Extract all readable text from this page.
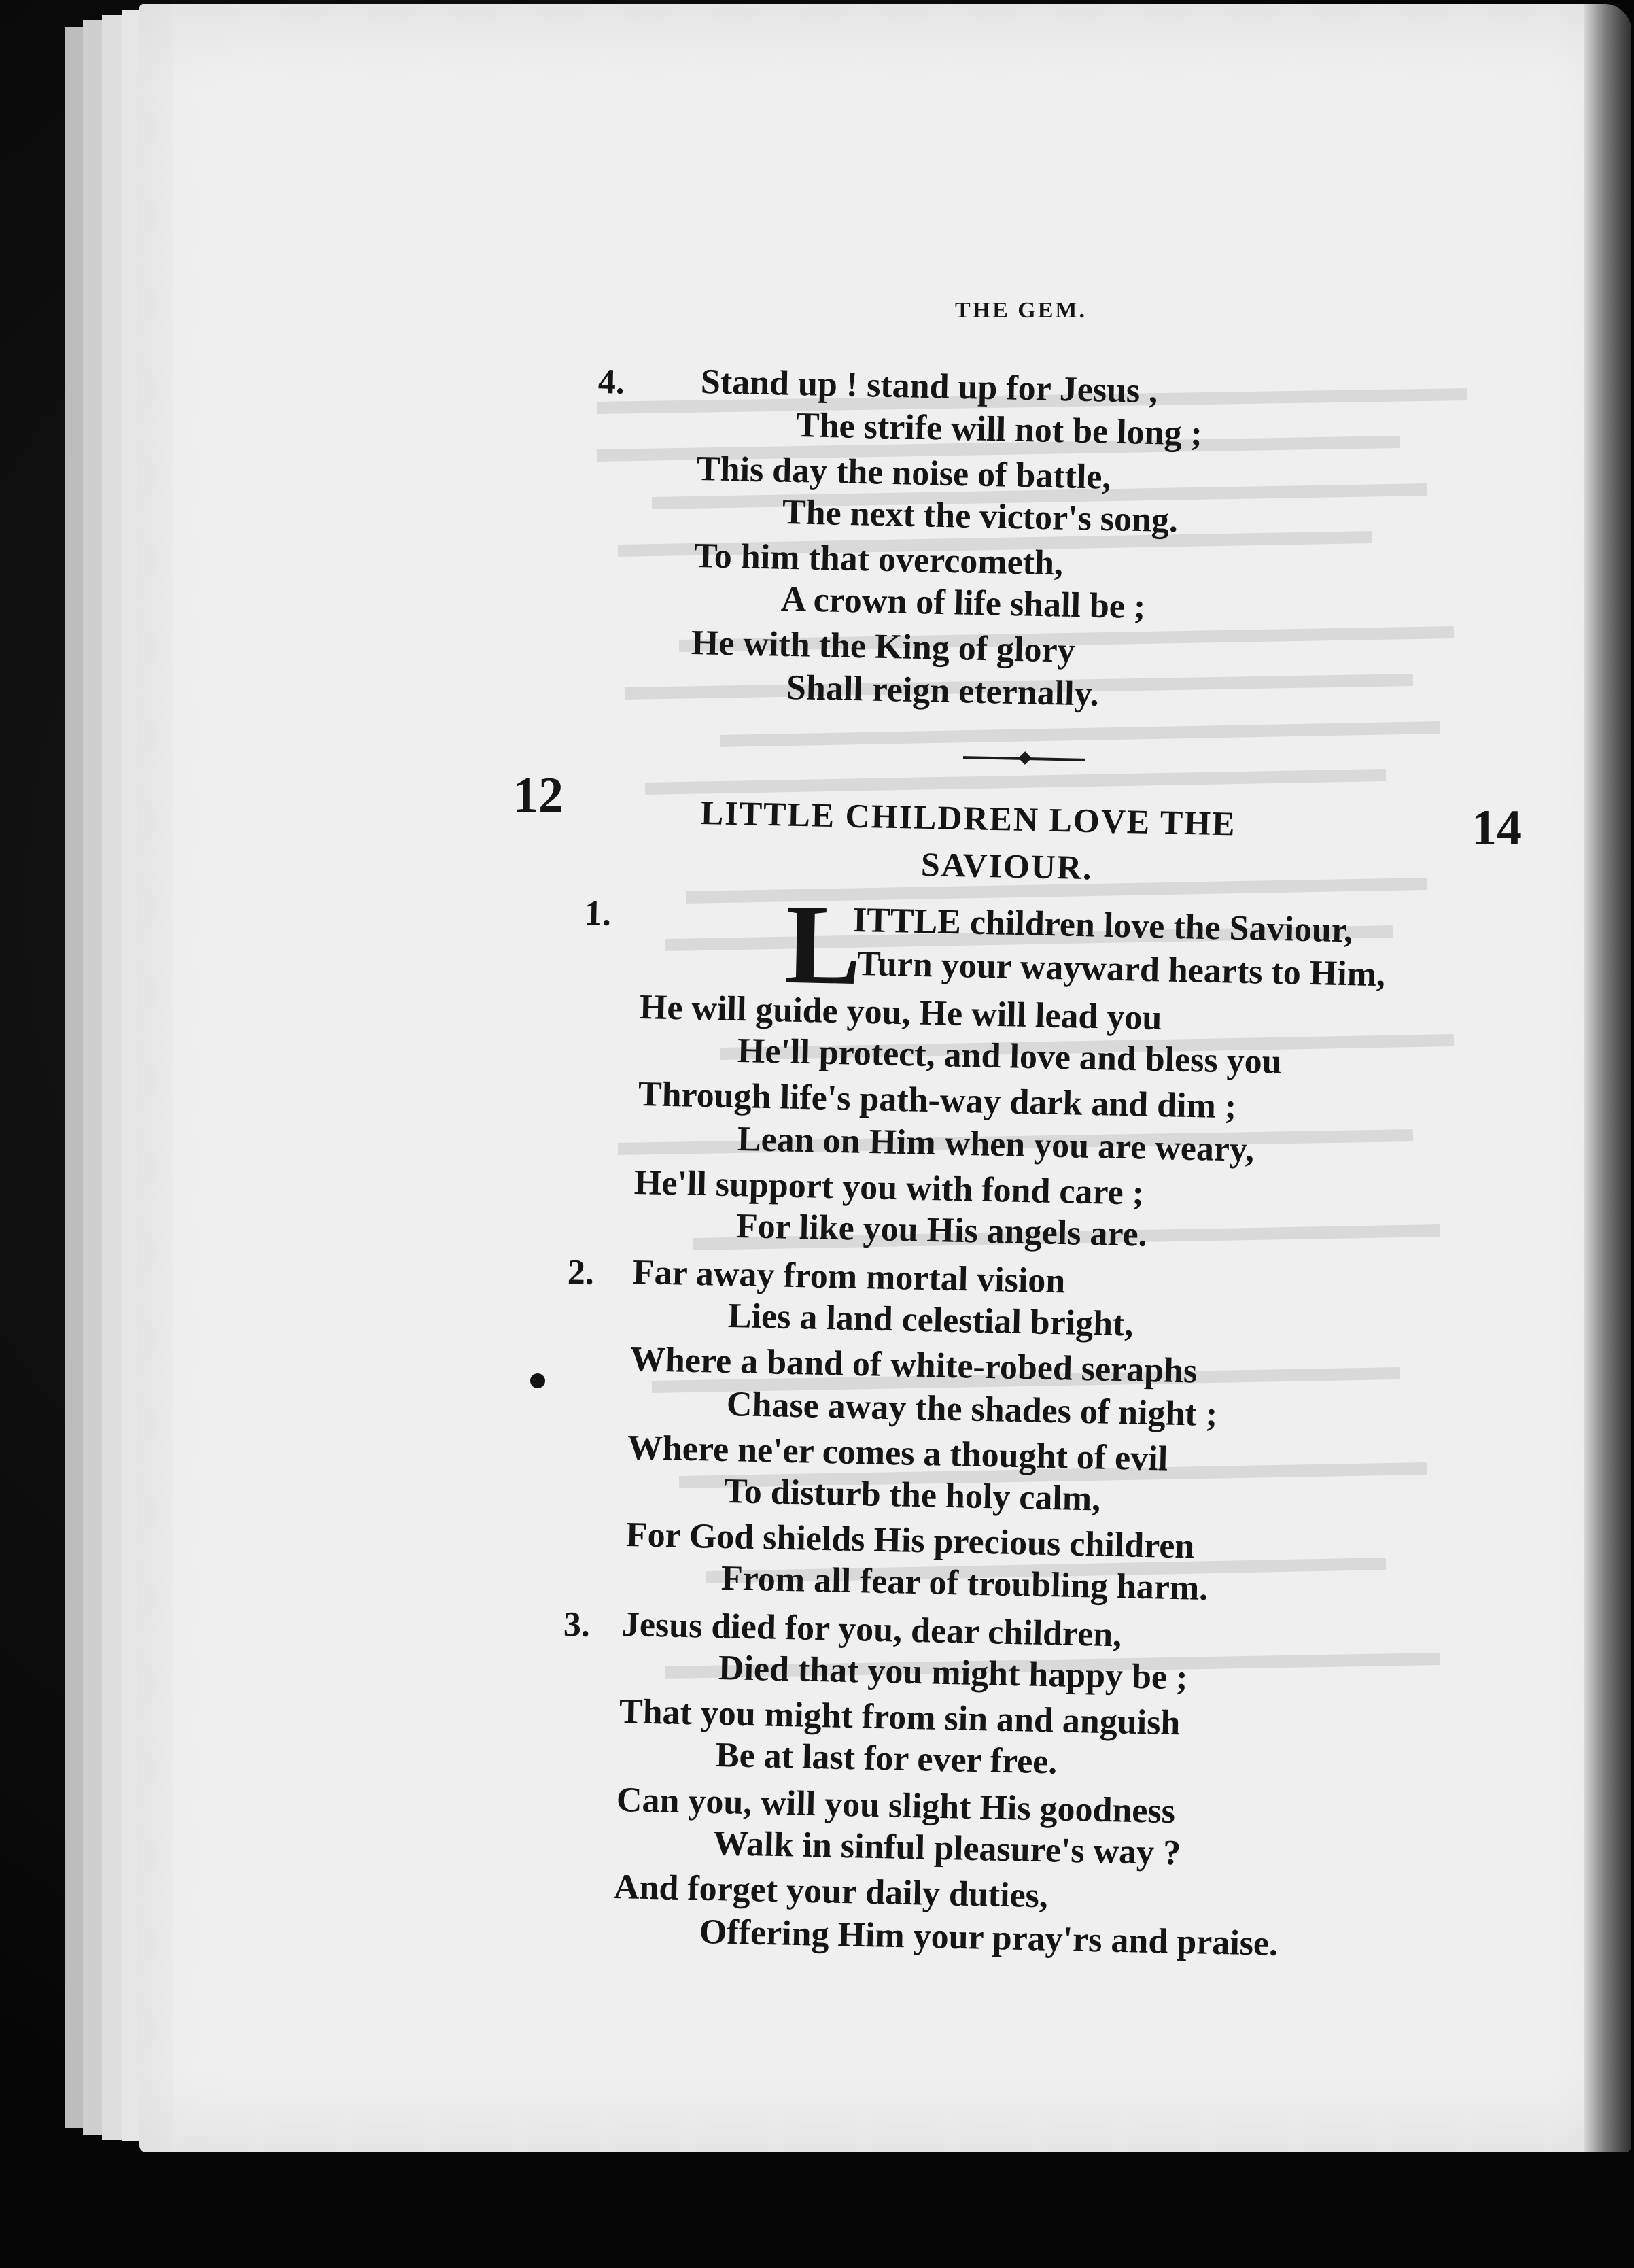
THE GEM.
4. Stand up ! stand up for Jesus ,
The strife will not be long ;
This day the noise of battle,
The next the victor's song.
To him that overcometh,
A crown of life shall be ;
He with the King of glory
Shall reign eternally.
12	LITTLE CHILDREN LOVE THE
SAVIOUR.
14
1. L
ITTLE children love the Saviour,
Turn your wayward hearts to Him,
He will guide you, He will lead you
He'll protect, and love and bless you
Through life's path-way dark and dim ;
Lean on Him when you are weary,
He'll support you with fond care ;
For like you His angels are.
2. Far away from mortal vision
Lies a land celestial bright,
Where a band of white-robed seraphs
Chase away the shades of night ;
Where ne'er comes a thought of evil
To disturb the holy calm,
For God shields His precious children
From all fear of troubling harm.
3. Jesus died for you, dear children,
Died that you might happy be ;
That you might from sin and anguish
Be at last for ever free.
Can you, will you slight His goodness
Walk in sinful pleasure's way ?
And forget your daily duties,
Offering Him your pray'rs and praise.
